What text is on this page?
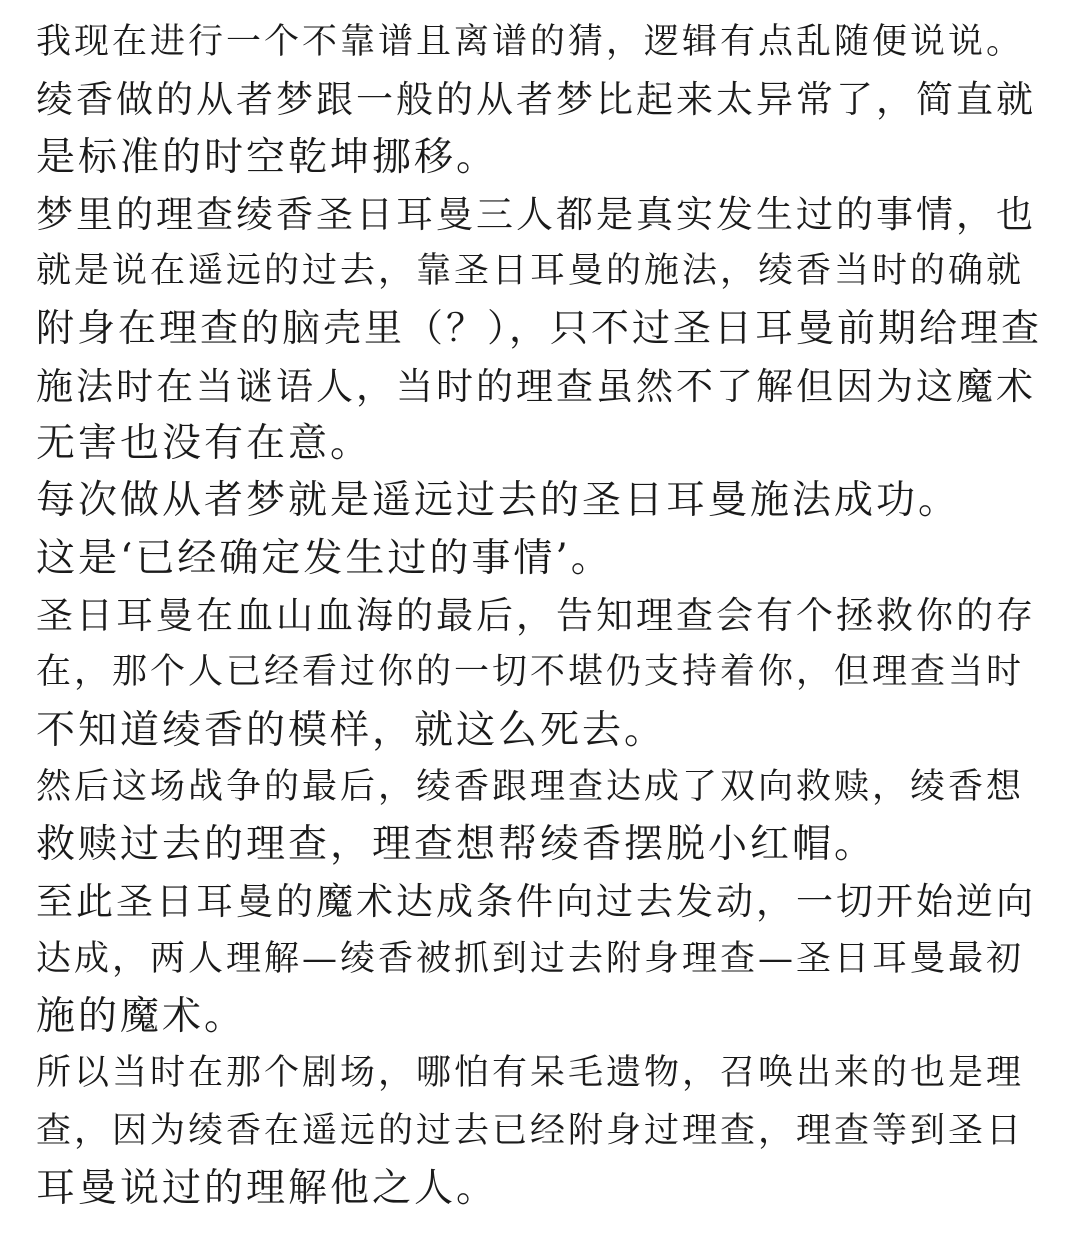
我现在进行一个不靠谱且离谱的猜，逻辑有点乱随便说说。
绫香做的从者梦跟一般的从者梦比起来太异常了，简直就
是标准的时空乾坤挪移。
梦里的理查绫香圣日耳曼三人都是真实发生过的事情，也
就是说在遥远的过去，靠圣日耳曼的施法，绫香当时的确就
附身在理查的脑壳里（？），只不过圣日耳曼前期给理查
施法时在当谜语人，当时的理查虽然不了解但因为这魔术
无害也没有在意。
每次做从者梦就是遥远过去的圣日耳曼施法成功。
这是‘已经确定发生过的事情’。
圣日耳曼在血山血海的最后，告知理查会有个拯救你的存
在，那个人已经看过你的一切不堪仍支持着你，但理查当时
不知道绫香的模样，就这么死去。
然后这场战争的最后，绫香跟理查达成了双向救赎，绫香想
救赎过去的理查，理查想帮绫香摆脱小红帽。
至此圣日耳曼的魔术达成条件向过去发动，一切开始逆向
达成，两人理解—绫香被抓到过去附身理查—圣日耳曼最初
施的魔术。
所以当时在那个剧场，哪怕有呆毛遗物，召唤出来的也是理
查，因为绫香在遥远的过去已经附身过理查，理查等到圣日
耳曼说过的理解他之人。
